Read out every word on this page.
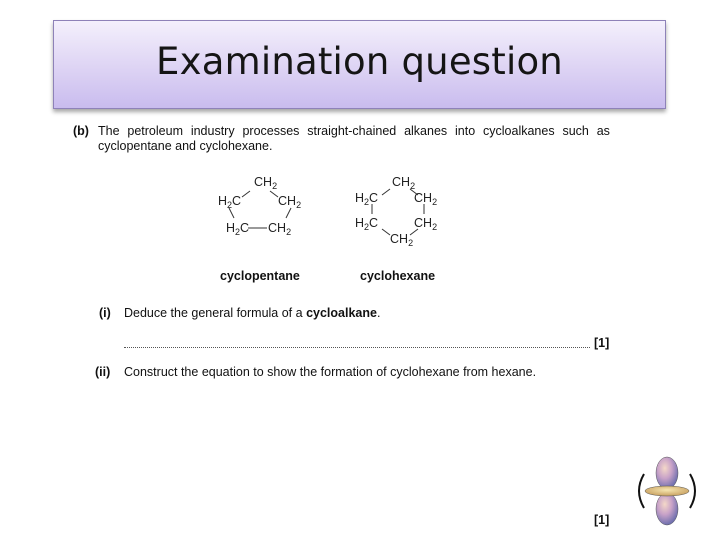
Examination question
(b) The petroleum industry processes straight-chained alkanes into cycloalkanes such as
cyclopentane and cyclohexane.
$CH_2$
$H_2C$	$CH_2$
$H_2C$ $CH_2$
cyclopentane
$CH_2$
$H_2C$	$CH_2$
$H_2C$	$CH_2$
$CH_2$
cyclohexane
(i) Deduce the general formula of a cycloalkane.
[1]
(ii) Construct the equation to show the formation of cyclohexane from hexane.
[1]
